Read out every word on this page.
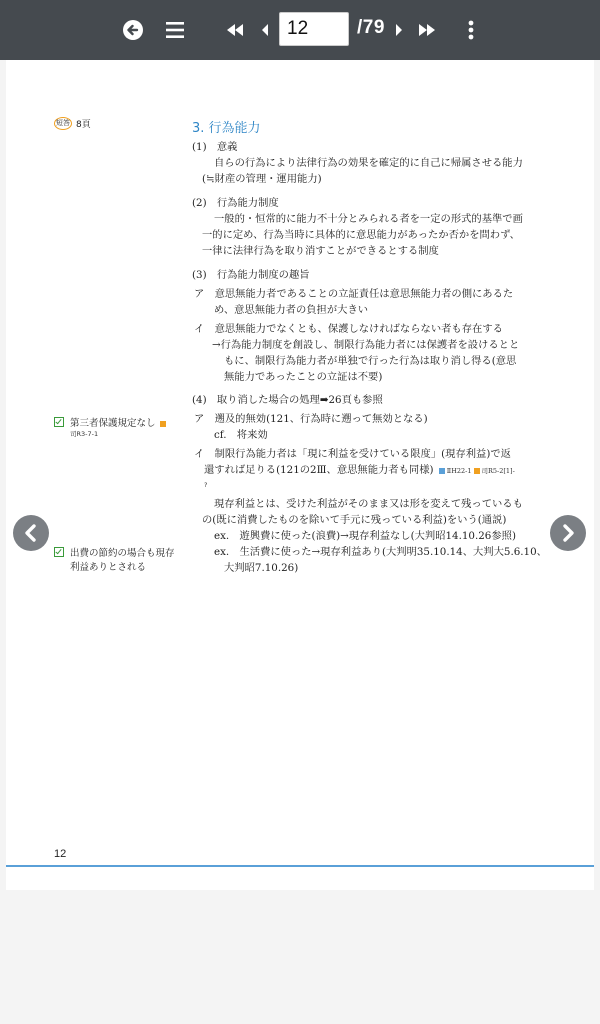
12
/79
短答 8頁	3. 行為能力
(1)　意義
自らの行為により法律行為の効果を確定的に自己に帰属させる能力
(≒財産の管理・運用能力)
(2)　行為能力制度
一般的・恒常的に能力不十分とみられる者を一定の形式的基準で画
一的に定め、行為当時に具体的に意思能力があったか否かを問わず、
一律に法律行為を取り消すことができるとする制度
(3)　行為能力制度の趣旨
ア　意思無能力者であることの立証責任は意思無能力者の側にあるた
め、意思無能力者の負担が大きい
イ　意思無能力でなくとも、保護しなければならない者も存在する
→行為能力制度を創設し、制限行為能力者には保護者を設けるとと
もに、制限行為能力者が単独で行った行為は取り消し得る(意思
無能力であったことの立証は不要)
(4)　取り消した場合の処理➡26頁も参照
ア　遡及的無効(121、行為時に遡って無効となる)
cf.　将来効
イ　制限行為能力者は「現に利益を受けている限度」(現存利益)で返
還すれば足りる(121の2Ⅲ、意思無能力者も同様) ⅡH22-1 司R5-2[1]-
?
現存利益とは、受けた利益がそのまま又は形を変えて残っているも
の(既に消費したものを除いて手元に残っている利益)をいう(通説)
ex.　遊興費に使った(浪費)→現存利益なし(大判昭14.10.26参照)
ex.　生活費に使った→現存利益あり(大判明35.10.14、大判大5.6.10、
大判昭7.10.26)
第三者保護規定なし
司R3-7-1
出費の節約の場合も現存
利益ありとされる
12
